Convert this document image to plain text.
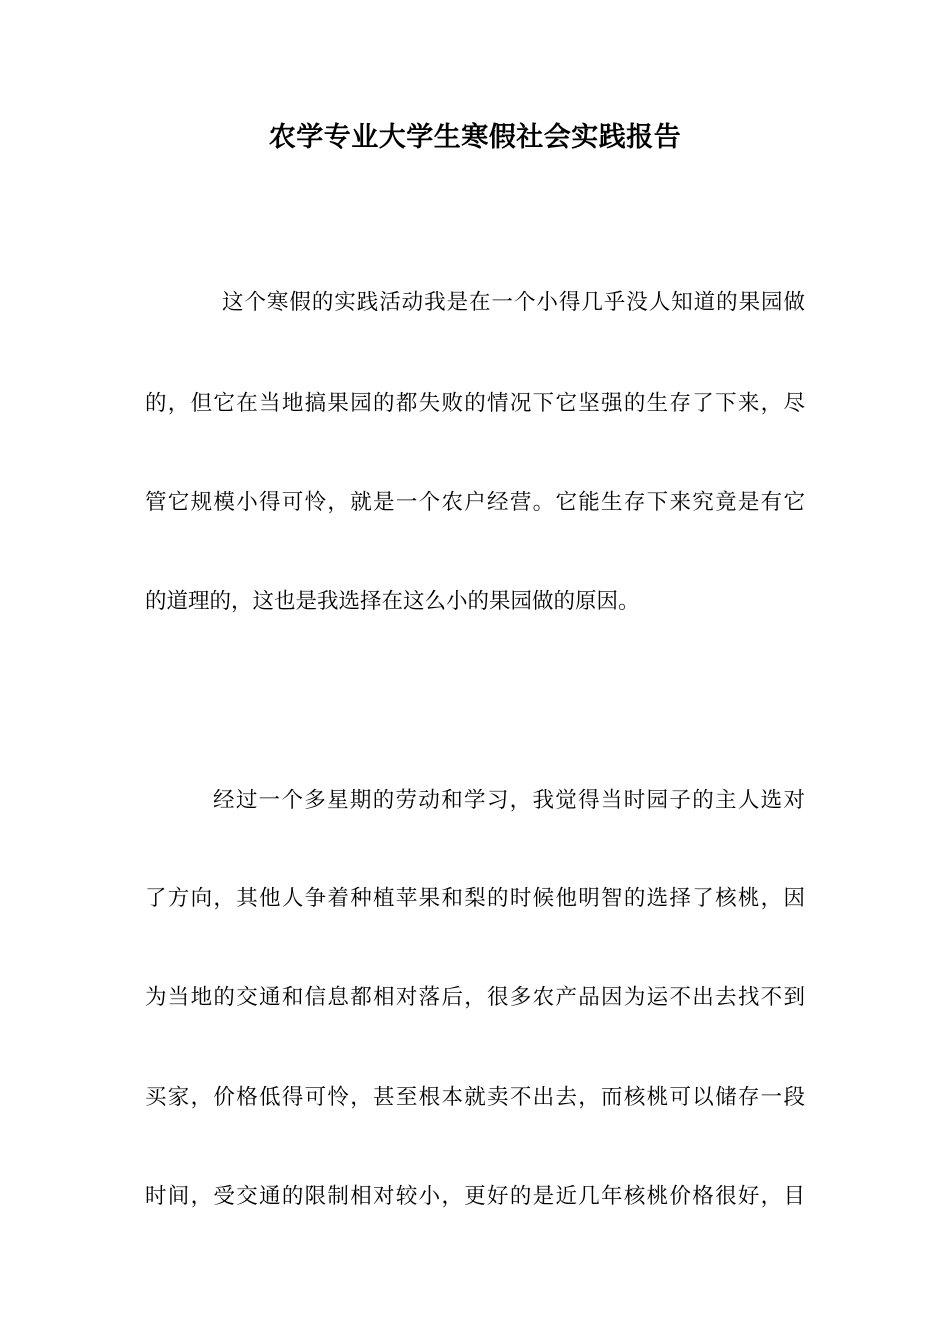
农学专业大学生寒假社会实践报告
这个寒假的实践活动我是在一个小得几乎没人知道的果园做
的，但它在当地搞果园的都失败的情况下它坚强的生存了下来，尽
管它规模小得可怜，就是一个农户经营。它能生存下来究竟是有它
的道理的，这也是我选择在这么小的果园做的原因。
经过一个多星期的劳动和学习，我觉得当时园子的主人选对
了方向，其他人争着种植苹果和梨的时候他明智的选择了核桃，因
为当地的交通和信息都相对落后，很多农产品因为运不出去找不到
买家，价格低得可怜，甚至根本就卖不出去，而核桃可以储存一段
时间，受交通的限制相对较小，更好的是近几年核桃价格很好，目
